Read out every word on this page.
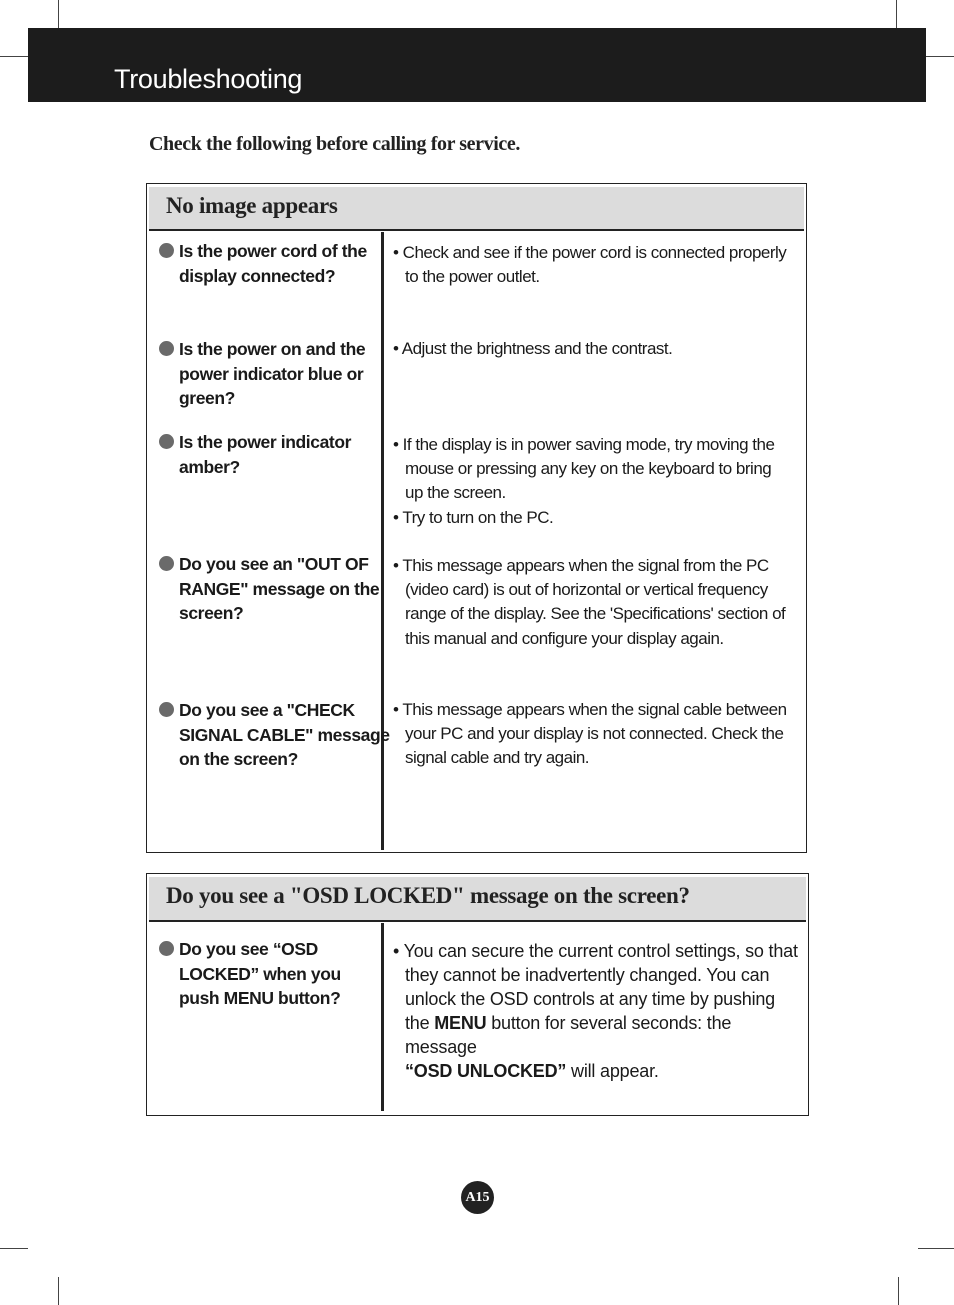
Troubleshooting
Check the following before calling for service.
No image appears
Is the power cord of the display connected?

• Check and see if the power cord is connected properly to the power outlet.

Is the power on and the power indicator blue or green?

• Adjust the brightness and the contrast.

Is the power indicator amber?

• If the display is in power saving mode, try moving the mouse or pressing any key on the keyboard to bring up the screen.

• Try to turn on the PC.

Do you see an "OUT OF RANGE" message on the screen?

• This message appears when the signal from the PC (video card) is out of horizontal or vertical frequency range of the display. See the 'Specifications' section of this manual and configure your display again.

Do you see a "CHECK SIGNAL CABLE" message on the screen?

• This message appears when the signal cable between your PC and your display is not connected. Check the signal cable and try again.

Do you see a "OSD LOCKED" message on the screen?
Do you see “OSD LOCKED” when you push MENU button?

• You can secure the current control settings, so that they cannot be inadvertently changed. You can unlock the OSD controls at any time by pushing the MENU button for several seconds: the message
“OSD UNLOCKED” will appear.

A15
